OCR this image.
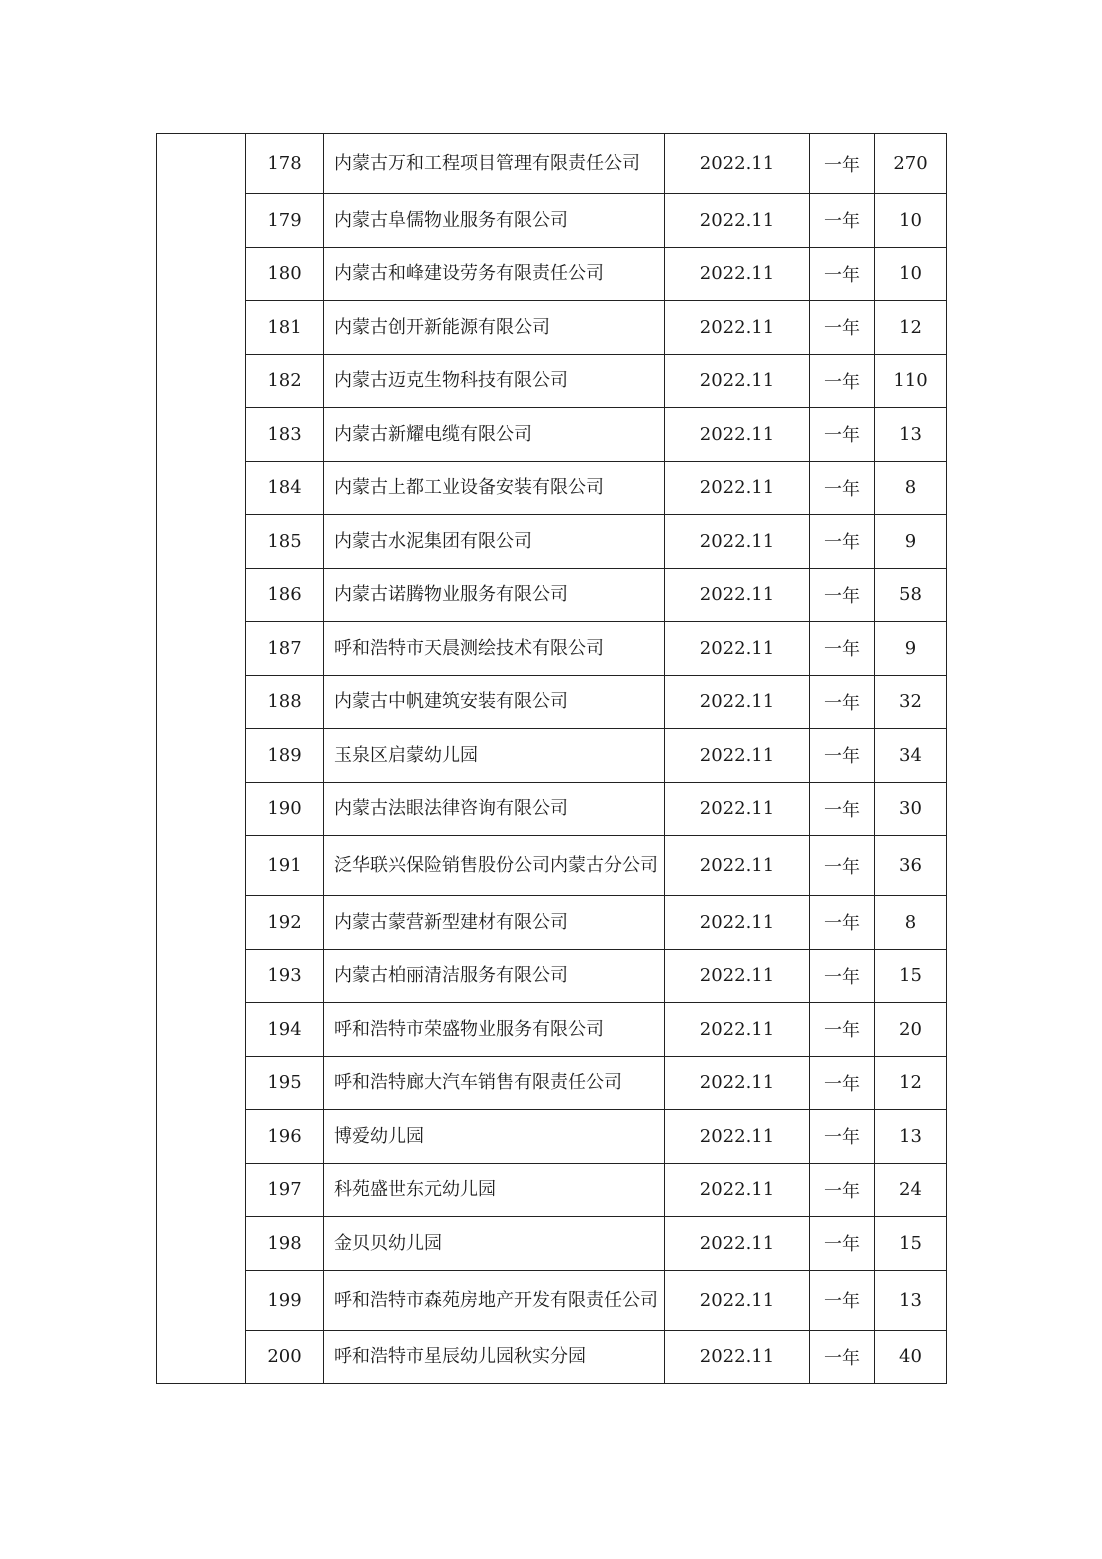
	178	内蒙古万和工程项目管理有限责任公司	2022.11	一年	270
	179	内蒙古阜儒物业服务有限公司	2022.11	一年	10
	180	内蒙古和峰建设劳务有限责任公司	2022.11	一年	10
	181	内蒙古创开新能源有限公司	2022.11	一年	12
	182	内蒙古迈克生物科技有限公司	2022.11	一年	110
	183	内蒙古新耀电缆有限公司	2022.11	一年	13
	184	内蒙古上都工业设备安装有限公司	2022.11	一年	8
	185	内蒙古水泥集团有限公司	2022.11	一年	9
	186	内蒙古诺腾物业服务有限公司	2022.11	一年	58
	187	呼和浩特市天晨测绘技术有限公司	2022.11	一年	9
	188	内蒙古中帆建筑安装有限公司	2022.11	一年	32
	189	玉泉区启蒙幼儿园	2022.11	一年	34
	190	内蒙古法眼法律咨询有限公司	2022.11	一年	30
	191	泛华联兴保险销售股份公司内蒙古分公司	2022.11	一年	36
	192	内蒙古蒙营新型建材有限公司	2022.11	一年	8
	193	内蒙古柏丽清洁服务有限公司	2022.11	一年	15
	194	呼和浩特市荣盛物业服务有限公司	2022.11	一年	20
	195	呼和浩特廊大汽车销售有限责任公司	2022.11	一年	12
	196	博爱幼儿园	2022.11	一年	13
	197	科苑盛世东元幼儿园	2022.11	一年	24
	198	金贝贝幼儿园	2022.11	一年	15
	199	呼和浩特市森苑房地产开发有限责任公司	2022.11	一年	13
	200	呼和浩特市星辰幼儿园秋实分园	2022.11	一年	40
